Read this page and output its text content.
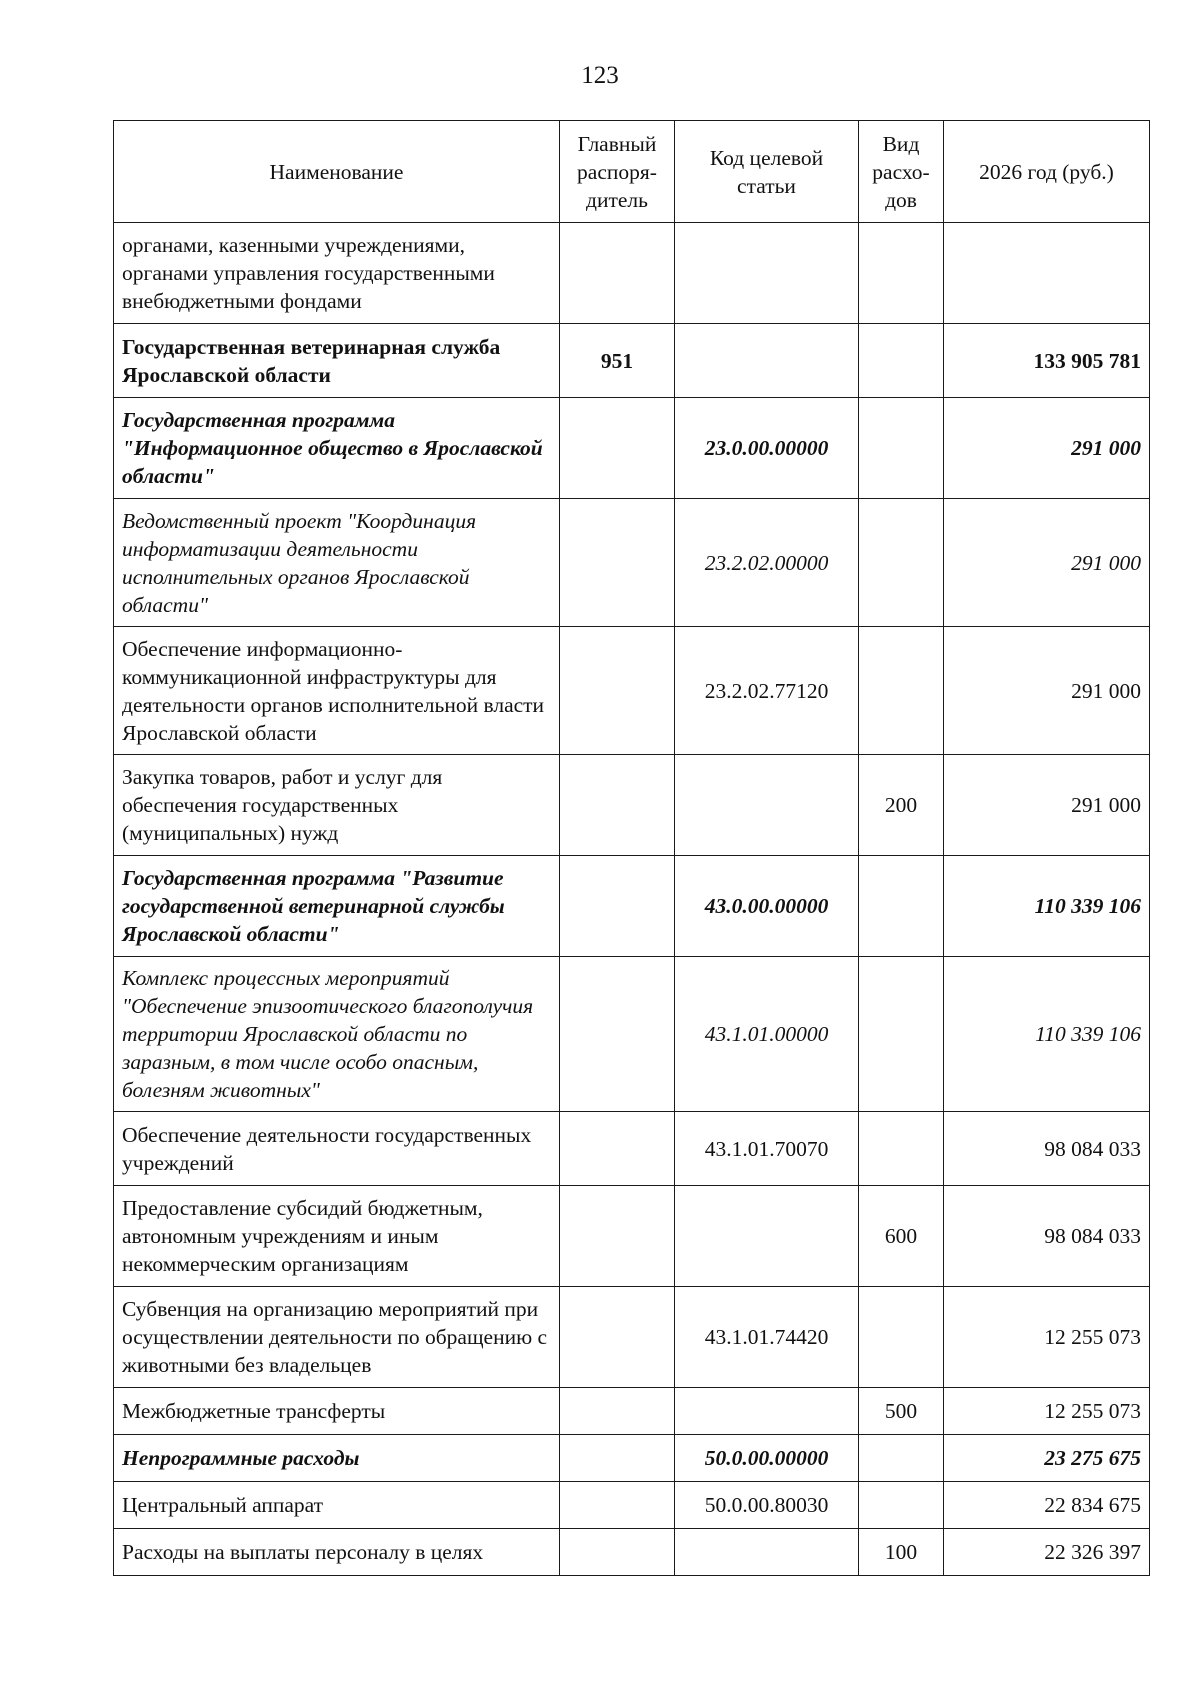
123
Наименование	Главный распоря-дитель	Код целевой статьи	Вид расхо-дов	2026 год (руб.)
органами, казенными учреждениями, органами управления государственными внебюджетными фондами				
Государственная ветеринарная служба Ярославской области	951			133 905 781
Государственная программа "Информационное общество в Ярославской области"		23.0.00.00000		291 000
Ведомственный проект "Координация информатизации деятельности исполнительных органов Ярославской области"		23.2.02.00000		291 000
Обеспечение информационно-коммуникационной инфраструктуры для деятельности органов исполнительной власти Ярославской области		23.2.02.77120		291 000
Закупка товаров, работ и услуг для обеспечения государственных (муниципальных) нужд			200	291 000
Государственная программа "Развитие государственной ветеринарной службы Ярославской области"		43.0.00.00000		110 339 106
Комплекс процессных мероприятий "Обеспечение эпизоотического благополучия территории Ярославской области по заразным, в том числе особо опасным, болезням животных"		43.1.01.00000		110 339 106
Обеспечение деятельности государственных учреждений		43.1.01.70070		98 084 033
Предоставление субсидий бюджетным, автономным учреждениям и иным некоммерческим организациям			600	98 084 033
Субвенция на организацию мероприятий при осуществлении деятельности по обращению с животными без владельцев		43.1.01.74420		12 255 073
Межбюджетные трансферты			500	12 255 073
Непрограммные расходы		50.0.00.00000		23 275 675
Центральный аппарат		50.0.00.80030		22 834 675
Расходы на выплаты персоналу в целях			100	22 326 397
